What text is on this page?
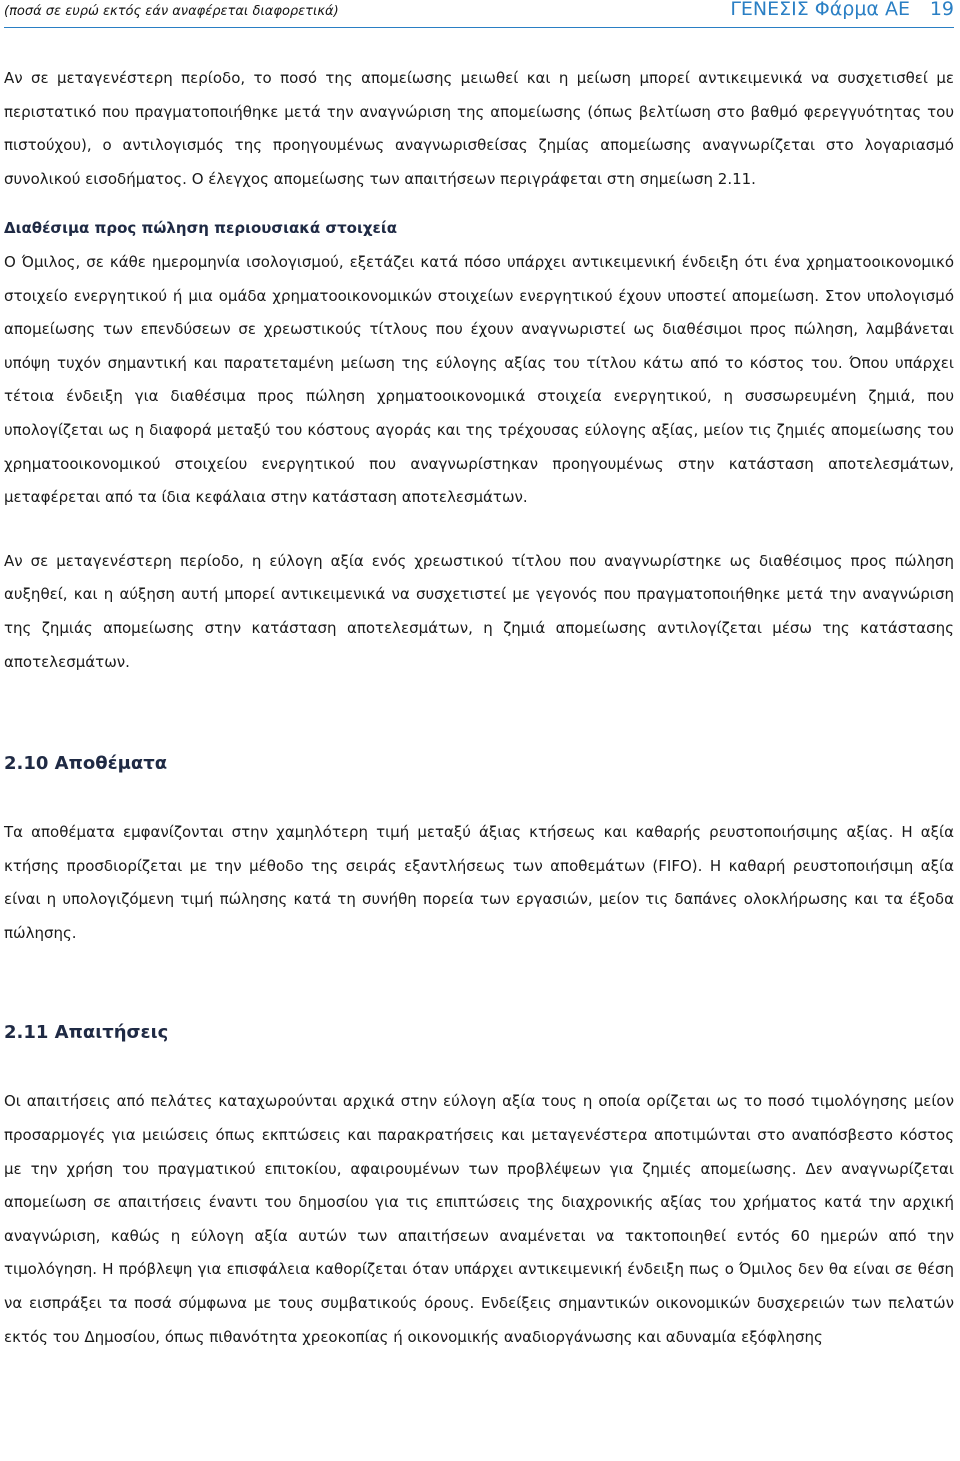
(ποσά σε ευρώ εκτός εάν αναφέρεται διαφορετικά)	ΓΕΝΕΣΙΣ Φάρμα ΑΕ 19

Αν σε μεταγενέστερη περίοδο, το ποσό της απομείωσης μειωθεί και η μείωση μπορεί αντικειμενικά να συσχετισθεί με περιστατικό που πραγματοποιήθηκε μετά την αναγνώριση της απομείωσης (όπως βελτίωση στο βαθμό φερεγγυότητας του πιστούχου), ο αντιλογισμός της προηγουμένως αναγνωρισθείσας ζημίας απομείωσης αναγνωρίζεται στο λογαριασμό συνολικού εισοδήματος. Ο έλεγχος απομείωσης των απαιτήσεων περιγράφεται στη σημείωση 2.11.

Διαθέσιμα προς πώληση περιουσιακά στοιχεία

Ο Όμιλος, σε κάθε ημερομηνία ισολογισμού, εξετάζει κατά πόσο υπάρχει αντικειμενική ένδειξη ότι ένα χρηματοοικονομικό στοιχείο ενεργητικού ή μια ομάδα χρηματοοικονομικών στοιχείων ενεργητικού έχουν υποστεί απομείωση. Στον υπολογισμό απομείωσης των επενδύσεων σε χρεωστικούς τίτλους που έχουν αναγνωριστεί ως διαθέσιμοι προς πώληση, λαμβάνεται υπόψη τυχόν σημαντική και παρατεταμένη μείωση της εύλογης αξίας του τίτλου κάτω από το κόστος του. Όπου υπάρχει τέτοια ένδειξη για διαθέσιμα προς πώληση χρηματοοικονομικά στοιχεία ενεργητικού, η συσσωρευμένη ζημιά, που υπολογίζεται ως η διαφορά μεταξύ του κόστους αγοράς και της τρέχουσας εύλογης αξίας, μείον τις ζημιές απομείωσης του χρηματοοικονομικού στοιχείου ενεργητικού που αναγνωρίστηκαν προηγουμένως στην κατάσταση αποτελεσμάτων, μεταφέρεται από τα ίδια κεφάλαια στην κατάσταση αποτελεσμάτων.

Αν σε μεταγενέστερη περίοδο, η εύλογη αξία ενός χρεωστικού τίτλου που αναγνωρίστηκε ως διαθέσιμος προς πώληση αυξηθεί, και η αύξηση αυτή μπορεί αντικειμενικά να συσχετιστεί με γεγονός που πραγματοποιήθηκε μετά την αναγνώριση της ζημιάς απομείωσης στην κατάσταση αποτελεσμάτων, η ζημιά απομείωσης αντιλογίζεται μέσω της κατάστασης αποτελεσμάτων.

2.10 Αποθέματα

Τα αποθέματα εμφανίζονται στην χαμηλότερη τιμή μεταξύ άξιας κτήσεως και καθαρής ρευστοποιήσιμης αξίας. Η αξία κτήσης προσδιορίζεται με την μέθοδο της σειράς εξαντλήσεως των αποθεμάτων (FIFO). Η καθαρή ρευστοποιήσιμη αξία είναι η υπολογιζόμενη τιμή πώλησης κατά τη συνήθη πορεία των εργασιών, μείον τις δαπάνες ολοκλήρωσης και τα έξοδα πώλησης.

2.11 Απαιτήσεις

Οι απαιτήσεις από πελάτες καταχωρούνται αρχικά στην εύλογη αξία τους η οποία ορίζεται ως το ποσό τιμολόγησης μείον προσαρμογές για μειώσεις όπως εκπτώσεις και παρακρατήσεις και μεταγενέστερα αποτιμώνται στο αναπόσβεστο κόστος με την χρήση του πραγματικού επιτοκίου, αφαιρουμένων των προβλέψεων για ζημιές απομείωσης. Δεν αναγνωρίζεται απομείωση σε απαιτήσεις έναντι του δημοσίου για τις επιπτώσεις της διαχρονικής αξίας του χρήματος κατά την αρχική αναγνώριση, καθώς η εύλογη αξία αυτών των απαιτήσεων αναμένεται να τακτοποιηθεί εντός 60 ημερών από την τιμολόγηση. Η πρόβλεψη για επισφάλεια καθορίζεται όταν υπάρχει αντικειμενική ένδειξη πως ο Όμιλος δεν θα είναι σε θέση να εισπράξει τα ποσά σύμφωνα με τους συμβατικούς όρους. Ενδείξεις σημαντικών οικονομικών δυσχερειών των πελατών εκτός του Δημοσίου, όπως πιθανότητα χρεοκοπίας ή οικονομικής αναδιοργάνωσης και αδυναμία εξόφλησης
